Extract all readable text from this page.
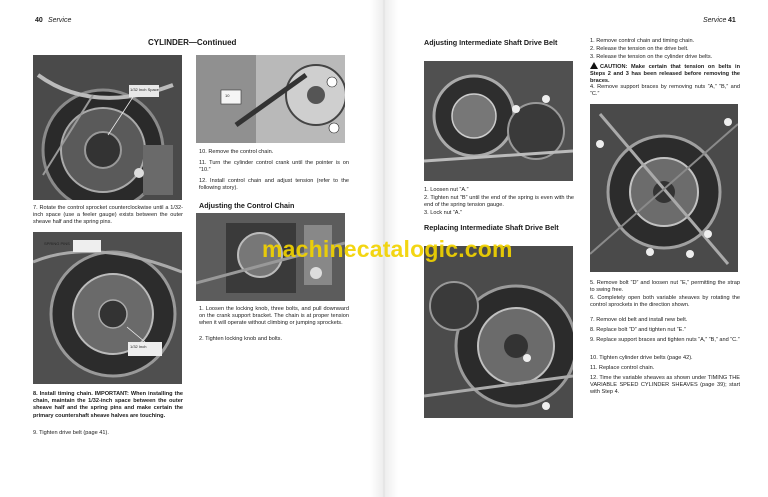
40 Service
CYLINDER—Continued
1/32 Inch Space
10
10. Remove the control chain.
11. Turn the cylinder control crank until the pointer is on “10.”
12. Install control chain and adjust tension (refer to the following story).
Adjusting the Control Chain
1. Loosen the locking knob, three bolts, and pull downward on the crank support bracket. The chain is at proper tension when it will operate without climbing or jumping sprockets.
2. Tighten locking knob and bolts.
7. Rotate the control sprocket counterclockwise until a 1/32-inch space (use a feeler gauge) exists between the outer sheave half and the spring pins.
SPRING PINS
1/32 Inch
8. Install timing chain. IMPORTANT: When installing the chain, maintain the 1/32-inch space between the outer sheave half and the spring pins and make certain the primary countershaft sheave halves are touching.
9. Tighten drive belt (page 41).
Service 41
Adjusting Intermediate Shaft Drive Belt
1. Loosen nut “A.”
2. Tighten nut “B” until the end of the spring is even with the end of the spring tension gauge.
3. Lock nut “A.”
Replacing Intermediate Shaft Drive Belt
1. Remove control chain and timing chain.
2. Release the tension on the drive belt.
3. Release the tension on the cylinder drive belts.
CAUTION: Make certain that tension on belts in Steps 2 and 3 has been released before removing the braces.
4. Remove support braces by removing nuts “A,” “B,” and “C.”
5. Remove bolt “D” and loosen nut “E,” permitting the strap to swing free.
6. Completely open both variable sheaves by rotating the control sprockets in the direction shown.
7. Remove old belt and install new belt.
8. Replace bolt “D” and tighten nut “E.”
9. Replace support braces and tighten nuts “A,” “B,” and “C.”
10. Tighten cylinder drive belts (page 42).
11. Replace control chain.
12. Time the variable sheaves as shown under TIMING THE VARIABLE SPEED CYLINDER SHEAVES (page 39); start with Step 4.
machinecatalogic.com
